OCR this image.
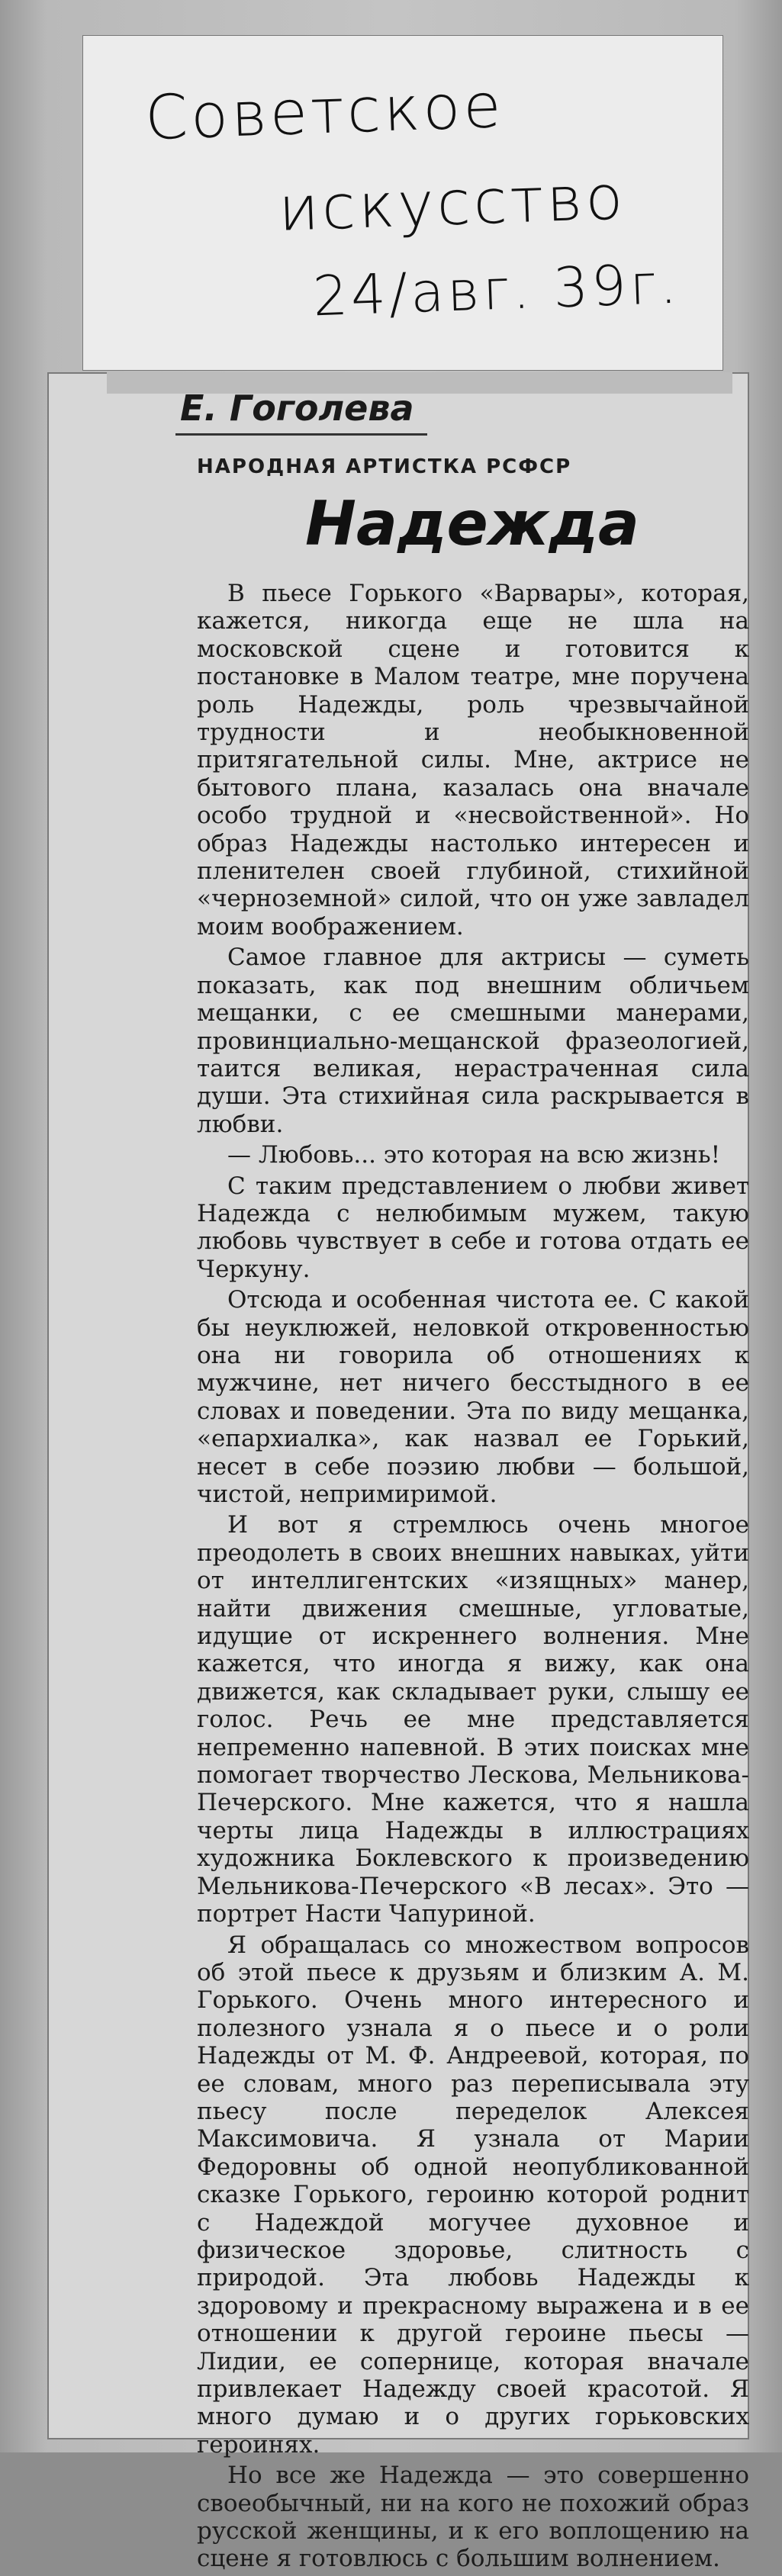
Советское
искусство
24/авг. 39г.
Е. Гоголева
НАРОДНАЯ АРТИСТКА РСФСР
Надежда

В пьесе Горького «Варвары», которая, кажется, никогда еще не шла на московской сцене и готовится к постановке в Малом театре, мне поручена роль Надежды, роль чрезвычайной трудности и необыкновенной притягательной силы. Мне, актрисе не бытового плана, казалась она вначале особо трудной и «несвойственной». Но образ Надежды настолько интересен и пленителен своей глубиной, стихийной «черноземной» силой, что он уже завладел моим воображением.

Самое главное для актрисы — суметь показать, как под внешним обличьем мещанки, с ее смешными манерами, провинциально-мещанской фразеологией, таится великая, нерастраченная сила души. Эта стихийная сила раскрывается в любви.

— Любовь... это которая на всю жизнь!

С таким представлением о любви живет Надежда с нелюбимым мужем, такую любовь чувствует в себе и готова отдать ее Черкуну.

Отсюда и особенная чистота ее. С какой бы неуклюжей, неловкой откровенностью она ни говорила об отношениях к мужчине, нет ничего бесстыдного в ее словах и поведении. Эта по виду мещанка, «епархиалка», как назвал ее Горький, несет в себе поэзию любви — большой, чистой, непримиримой.

И вот я стремлюсь очень многое преодолеть в своих внешних навыках, уйти от интеллигентских «изящных» манер, найти движения смешные, угловатые, идущие от искреннего волнения. Мне кажется, что иногда я вижу, как она движется, как складывает руки, слышу ее голос. Речь ее мне представляется непременно напевной. В этих поисках мне помогает творчество Лескова, Мельникова-Печерского. Мне кажется, что я нашла черты лица Надежды в иллюстрациях художника Боклевского к произведению Мельникова-Печерского «В лесах». Это — портрет Насти Чапуриной.

Я обращалась со множеством вопросов об этой пьесе к друзьям и близким А. М. Горького. Очень много интересного и полезного узнала я о пьесе и о роли Надежды от М. Ф. Андреевой, которая, по ее словам, много раз переписывала эту пьесу после переделок Алексея Максимовича. Я узнала от Марии Федоровны об одной неопубликованной сказке Горького, героиню которой роднит с Надеждой могучее духовное и физическое здоровье, слитность с природой. Эта любовь Надежды к здоровому и прекрасному выражена и в ее отношении к другой героине пьесы — Лидии, ее сопернице, которая вначале привлекает Надежду своей красотой. Я много думаю и о других горьковских героинях.

Но все же Надежда — это совершенно своеобычный, ни на кого не похожий образ русской женщины, и к его воплощению на сцене я готовлюсь с большим волнением.
